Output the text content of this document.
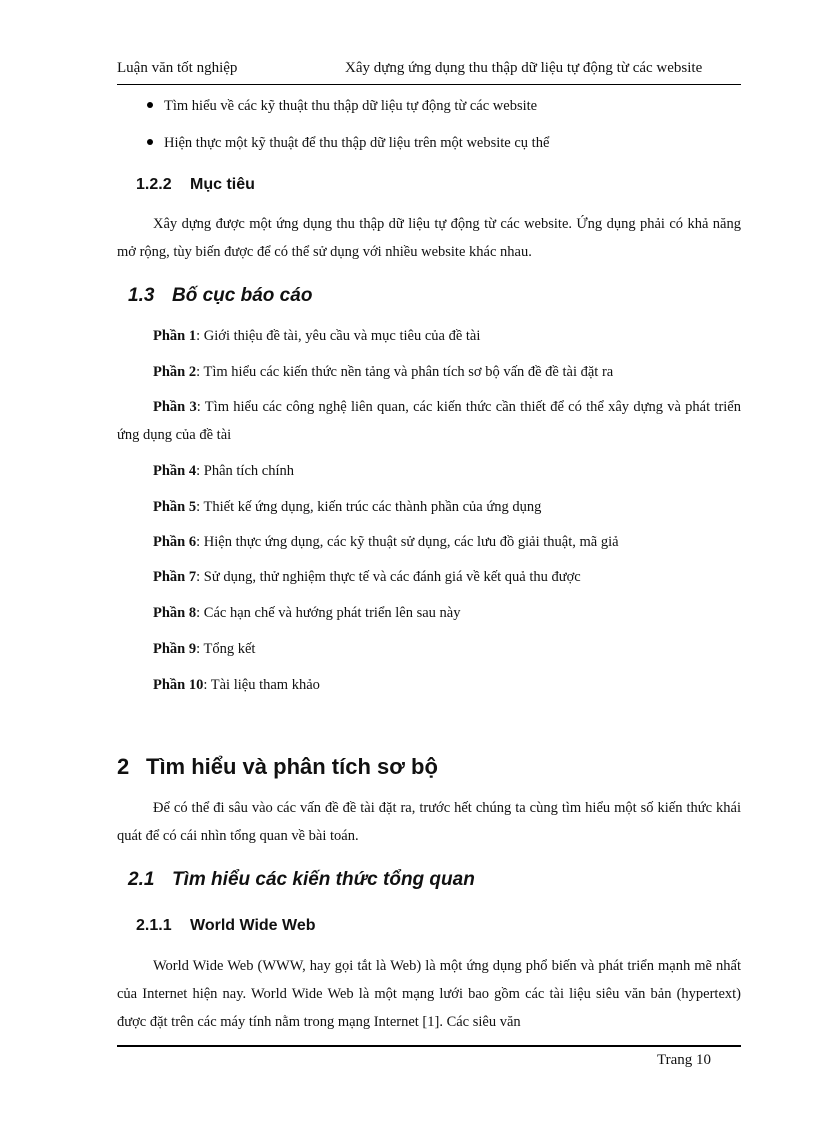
Luận văn tốt nghiệp	Xây dựng ứng dụng thu thập dữ liệu tự động từ các website
Tìm hiểu về các kỹ thuật thu thập dữ liệu tự động từ các website
Hiện thực một kỹ thuật để thu thập dữ liệu trên một website cụ thể
1.2.2 Mục tiêu
Xây dựng được một ứng dụng thu thập dữ liệu tự động từ các website. Ứng dụng phải có khả năng mở rộng, tùy biến được để có thể sử dụng với nhiều website khác nhau.
1.3 Bố cục báo cáo
Phần 1: Giới thiệu đề tài, yêu cầu và mục tiêu của đề tài
Phần 2: Tìm hiểu các kiến thức nền tảng và phân tích sơ bộ vấn đề đề tài đặt ra
Phần 3: Tìm hiểu các công nghệ liên quan, các kiến thức cần thiết để có thể xây dựng và phát triển ứng dụng của đề tài
Phần 4: Phân tích chính
Phần 5: Thiết kế ứng dụng, kiến trúc các thành phần của ứng dụng
Phần 6: Hiện thực ứng dụng, các kỹ thuật sử dụng, các lưu đồ giải thuật, mã giả
Phần 7: Sử dụng, thử nghiệm thực tế và các đánh giá về kết quả thu được
Phần 8: Các hạn chế và hướng phát triển lên sau này
Phần 9: Tổng kết
Phần 10: Tài liệu tham khảo
2 Tìm hiểu và phân tích sơ bộ
Để có thể đi sâu vào các vấn đề đề tài đặt ra, trước hết chúng ta cùng tìm hiểu một số kiến thức khái quát để có cái nhìn tổng quan về bài toán.
2.1 Tìm hiểu các kiến thức tổng quan
2.1.1 World Wide Web
World Wide Web (WWW, hay gọi tắt là Web) là một ứng dụng phổ biến và phát triển mạnh mẽ nhất của Internet hiện nay. World Wide Web là một mạng lưới bao gồm các tài liệu siêu văn bản (hypertext) được đặt trên các máy tính nằm trong mạng Internet [1]. Các siêu văn
Trang 10
